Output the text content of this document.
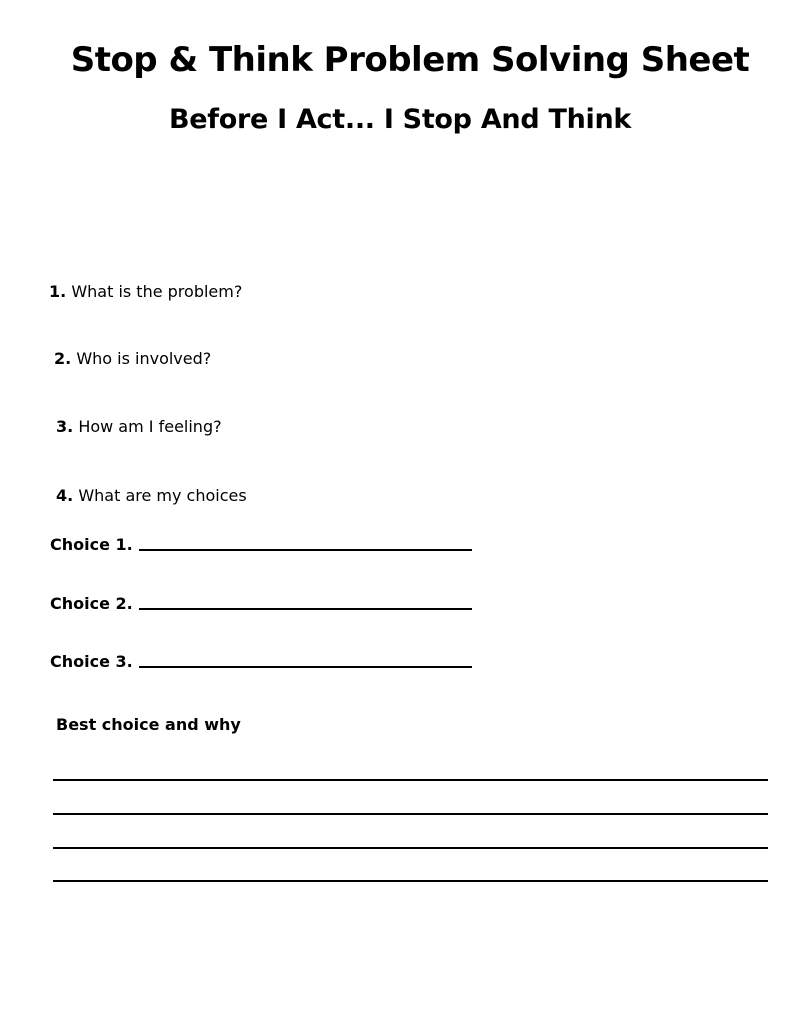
Stop & Think Problem Solving Sheet
Before I Act... I Stop And Think
1. What is the problem?
2. Who is involved?
3. How am I feeling?
4. What are my choices
Choice 1.
Choice 2.
Choice 3.
Best choice and why
